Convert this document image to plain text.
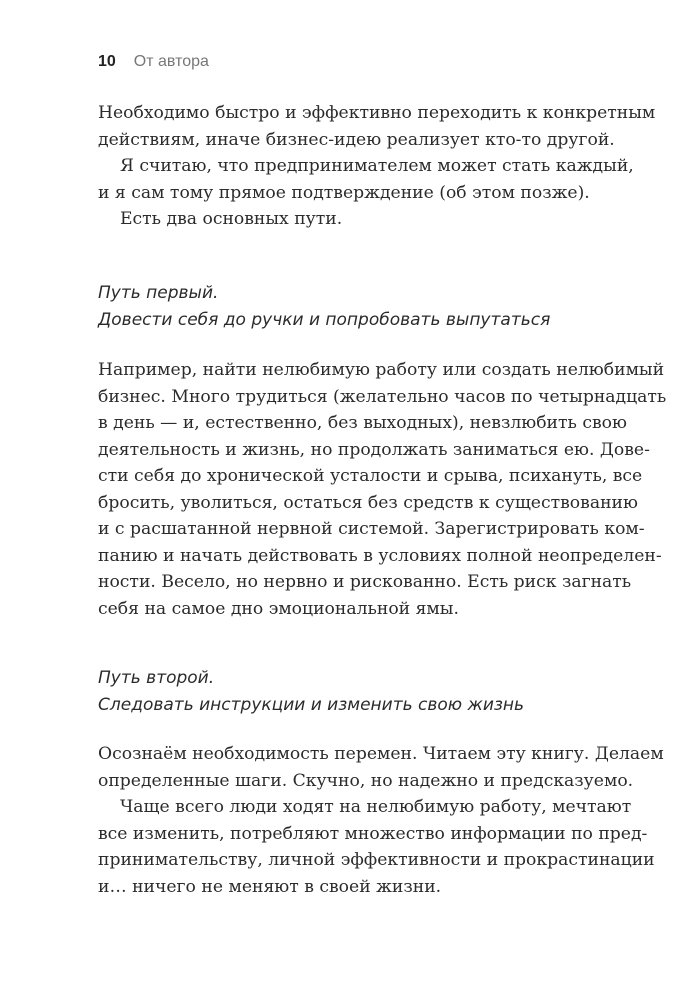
10 От автора

Необходимо быстро и эффективно переходить к конкретным

действиям, иначе бизнес-идею реализует кто-то другой.

Я считаю, что предпринимателем может стать каждый,

и я сам тому прямое подтверждение (об этом позже).

Есть два основных пути.

Путь первый.
Довести себя до ручки и попробовать выпутаться

Например, найти нелюбимую работу или создать нелюбимый

бизнес. Много трудиться (желательно часов по четырнадцать

в день — и, естественно, без выходных), невзлюбить свою

деятельность и жизнь, но продолжать заниматься ею. Дове-

сти себя до хронической усталости и срыва, психануть, все

бросить, уволиться, остаться без средств к существованию

и с расшатанной нервной системой. Зарегистрировать ком-

панию и начать действовать в условиях полной неопределен-

ности. Весело, но нервно и рискованно. Есть риск загнать

себя на самое дно эмоциональной ямы.

Путь второй.
Следовать инструкции и изменить свою жизнь

Осознаём необходимость перемен. Читаем эту книгу. Делаем

определенные шаги. Скучно, но надежно и предсказуемо.

Чаще всего люди ходят на нелюбимую работу, мечтают

все изменить, потребляют множество информации по пред-

принимательству, личной эффективности и прокрастинации

и… ничего не меняют в своей жизни.
